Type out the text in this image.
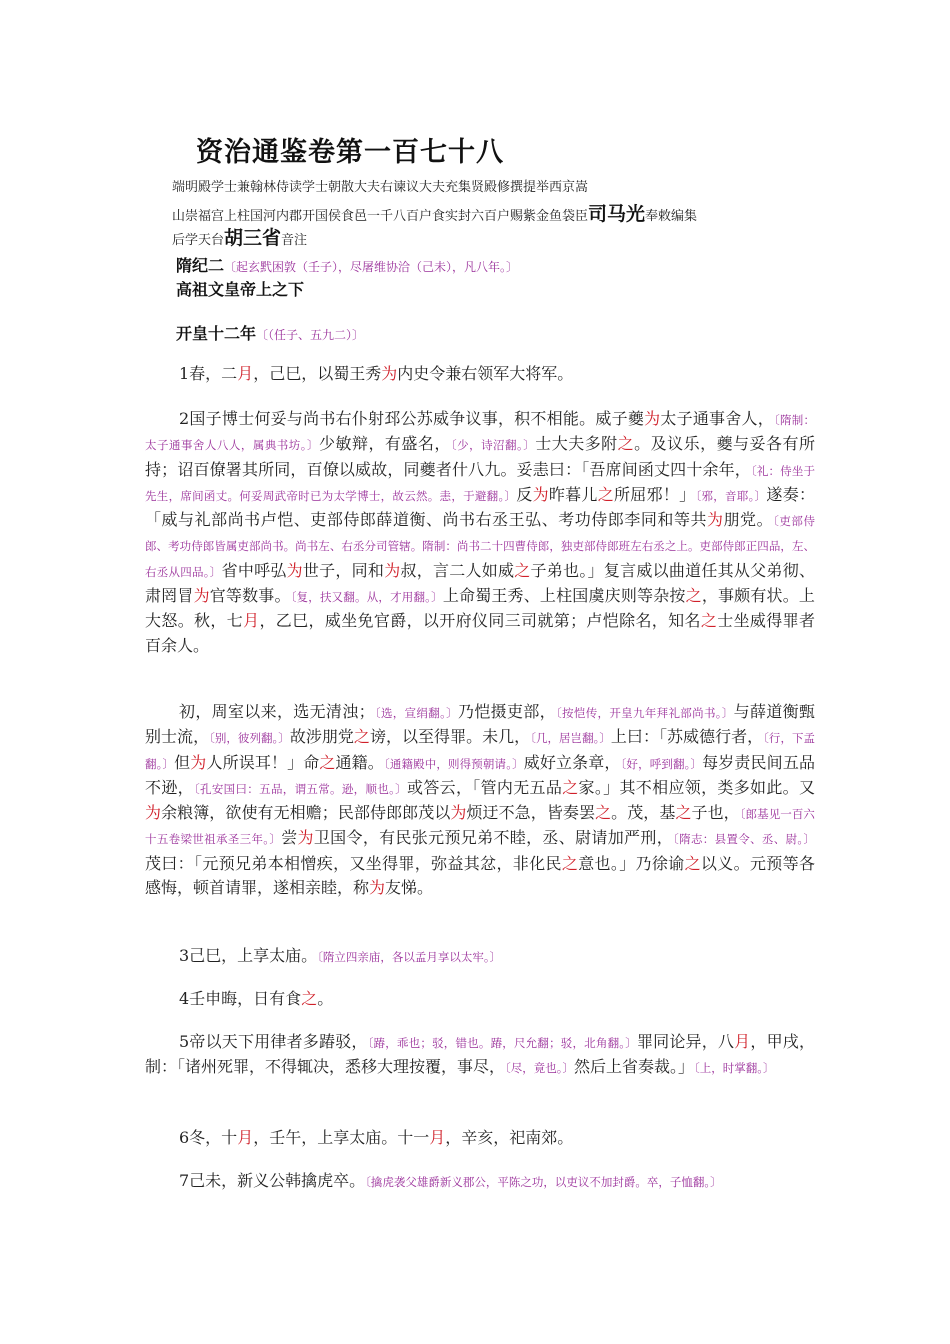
资治通鉴卷第一百七十八
端明殿学士兼翰林侍读学士朝散大夫右谏议大夫充集贤殿修撰提举西京嵩
山崇福宫上柱国河内郡开国侯食邑一千八百户食实封六百户赐紫金鱼袋臣司马光奉敕编集
后学天台胡三省音注
隋纪二〔起玄黓困敦（壬子），尽屠维协洽（己未），凡八年。〕
高祖文皇帝上之下
开皇十二年〔（任子、五九二）〕

1春，二月，己巳，以蜀王秀为内史令兼右领军大将军。

2国子博士何妥与尚书右仆射邳公苏威争议事，积不相能。威子夔为太子通事舍人，〔隋制：太子通事舍人八人，属典书坊。〕少敏辩，有盛名，〔少，诗沼翻。〕士大夫多附之。及议乐，夔与妥各有所持；诏百僚署其所同，百僚以威故，同夔者什八九。妥恚曰：「吾席间函丈四十余年，〔礼：侍坐于先生，席间函丈。何妥周武帝时已为太学博士，故云然。恚，于避翻。〕反为昨暮儿之所屈邪！」〔邪，音耶。〕遂奏：「威与礼部尚书卢恺、吏部侍郎薛道衡、尚书右丞王弘、考功侍郎李同和等共为朋党。〔吏部侍郎、考功侍郎皆属吏部尚书。尚书左、右丞分司管辖。隋制：尚书二十四曹侍郎，独吏部侍郎班左右丞之上。吏部侍郎正四品，左、右丞从四品。〕省中呼弘为世子，同和为叔，言二人如威之子弟也。」复言威以曲道任其从父弟彻、肃罔冒为官等数事。〔复，扶又翻。从，才用翻。〕上命蜀王秀、上柱国虞庆则等杂按之，事颇有状。上大怒。秋，七月，乙巳，威坐免官爵，以开府仪同三司就第；卢恺除名，知名之士坐威得罪者百余人。

初，周室以来，选无清浊；〔选，宣绢翻。〕乃恺摄吏部，〔按恺传，开皇九年拜礼部尚书。〕与薛道衡甄别士流，〔别，彼列翻。〕故涉朋党之谤，以至得罪。未几，〔几，居岂翻。〕上曰：「苏威德行者，〔行，下孟翻。〕但为人所误耳！」命之通籍。〔通籍殿中，则得预朝请。〕威好立条章，〔好，呼到翻。〕每岁责民间五品不逊，〔孔安国曰：五品，谓五常。逊，顺也。〕或答云，「管内无五品之家。」其不相应领，类多如此。又为余粮簿，欲使有无相赡；民部侍郎郎茂以为烦迂不急，皆奏罢之。茂，基之子也，〔郎基见一百六十五卷梁世祖承圣三年。〕尝为卫国令，有民张元预兄弟不睦，丞、尉请加严刑，〔隋志：县置令、丞、尉。〕茂曰：「元预兄弟本相憎疾，又坐得罪，弥益其忿，非化民之意也。」乃徐谕之以义。元预等各感悔，顿首请罪，遂相亲睦，称为友悌。

3己巳，上享太庙。〔隋立四亲庙，各以孟月享以太牢。〕

4壬申晦，日有食之。

5帝以天下用律者多踳驳，〔踳，乖也；驳，错也。踳，尺允翻；驳，北角翻。〕罪同论异，八月，甲戌，制：「诸州死罪，不得辄决，悉移大理按覆，事尽，〔尽，竟也。〕然后上省奏裁。」〔上，时掌翻。〕

6冬，十月，壬午，上享太庙。十一月，辛亥，祀南郊。

7己未，新义公韩擒虎卒。〔擒虎袭父雄爵新义郡公，平陈之功，以吏议不加封爵。卒，子恤翻。〕
